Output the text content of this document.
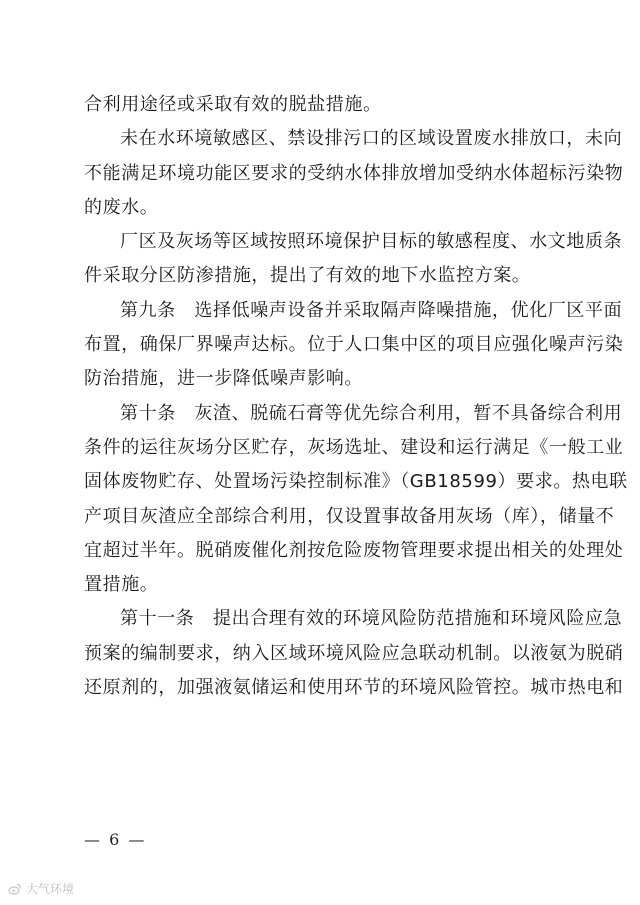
合利用途径或采取有效的脱盐措施。
未在水环境敏感区、禁设排污口的区域设置废水排放口，未向
不能满足环境功能区要求的受纳水体排放增加受纳水体超标污染物
的废水。
厂区及灰场等区域按照环境保护目标的敏感程度、水文地质条
件采取分区防渗措施，提出了有效的地下水监控方案。
第九条　选择低噪声设备并采取隔声降噪措施，优化厂区平面
布置，确保厂界噪声达标。位于人口集中区的项目应强化噪声污染
防治措施，进一步降低噪声影响。
第十条　灰渣、脱硫石膏等优先综合利用，暂不具备综合利用
条件的运往灰场分区贮存，灰场选址、建设和运行满足《一般工业
固体废物贮存、处置场污染控制标准》（GB18599）要求。热电联
产项目灰渣应全部综合利用，仅设置事故备用灰场（库），储量不
宜超过半年。脱硝废催化剂按危险废物管理要求提出相关的处理处
置措施。
第十一条　提出合理有效的环境风险防范措施和环境风险应急
预案的编制要求，纳入区域环境风险应急联动机制。以液氨为脱硝
还原剂的，加强液氨储运和使用环节的环境风险管控。城市热电和
— 6 —
大气环境
